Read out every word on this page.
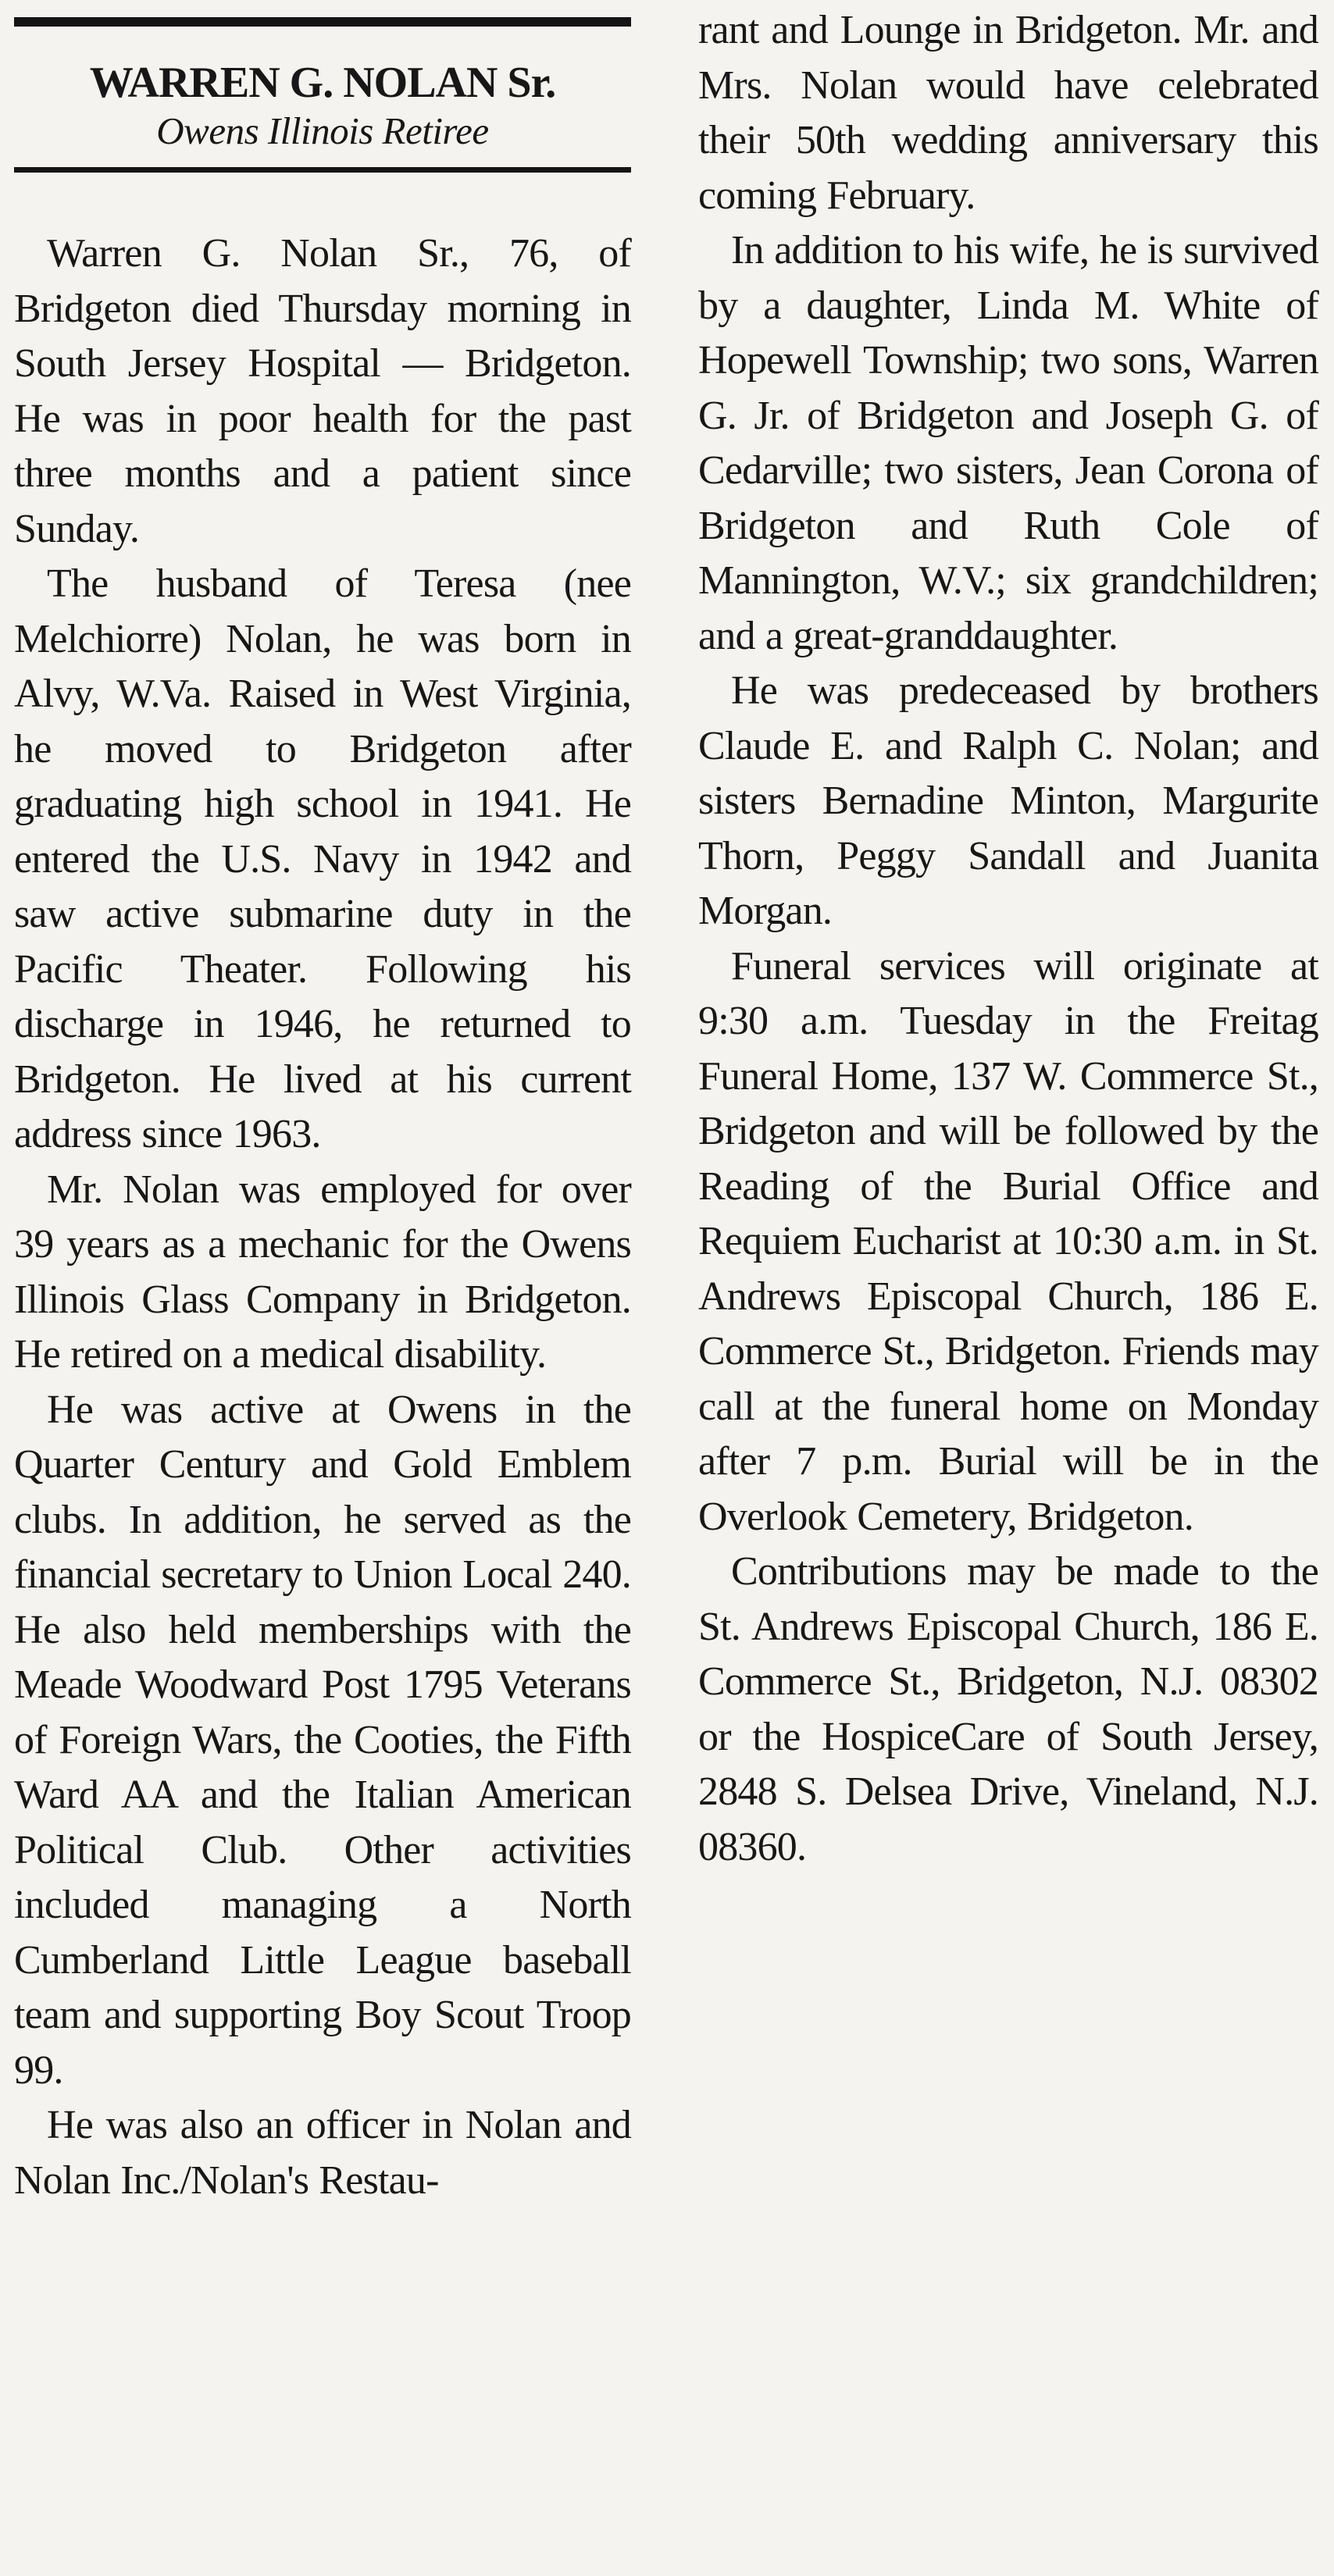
WARREN G. NOLAN Sr.
Owens Illinois Retiree

Warren G. Nolan Sr., 76, of Bridgeton died Thursday morning in South Jersey Hospital — Bridgeton. He was in poor health for the past three months and a patient since Sunday.

The husband of Teresa (nee Melchiorre) Nolan, he was born in Alvy, W.Va. Raised in West Virginia, he moved to Bridgeton after graduating high school in 1941. He entered the U.S. Navy in 1942 and saw active submarine duty in the Pacific Theater. Following his discharge in 1946, he returned to Bridgeton. He lived at his current address since 1963.

Mr. Nolan was employed for over 39 years as a mechanic for the Owens Illinois Glass Company in Bridgeton. He retired on a medical disability.

He was active at Owens in the Quarter Century and Gold Emblem clubs. In addition, he served as the financial secretary to Union Local 240. He also held memberships with the Meade Woodward Post 1795 Veterans of Foreign Wars, the Cooties, the Fifth Ward AA and the Italian American Political Club. Other activities included managing a North Cumberland Little League baseball team and supporting Boy Scout Troop 99.

He was also an officer in Nolan and Nolan Inc./Nolan's Restau-

rant and Lounge in Bridgeton. Mr. and Mrs. Nolan would have celebrated their 50th wedding anniversary this coming February.

In addition to his wife, he is survived by a daughter, Linda M. White of Hopewell Township; two sons, Warren G. Jr. of Bridgeton and Joseph G. of Cedarville; two sisters, Jean Corona of Bridgeton and Ruth Cole of Mannington, W.V.; six grandchildren; and a great-granddaughter.

He was predeceased by brothers Claude E. and Ralph C. Nolan; and sisters Bernadine Minton, Margurite Thorn, Peggy Sandall and Juanita Morgan.

Funeral services will originate at 9:30 a.m. Tuesday in the Freitag Funeral Home, 137 W. Commerce St., Bridgeton and will be followed by the Reading of the Burial Office and Requiem Eucharist at 10:30 a.m. in St. Andrews Episcopal Church, 186 E. Commerce St., Bridgeton. Friends may call at the funeral home on Monday after 7 p.m. Burial will be in the Overlook Cemetery, Bridgeton.

Contributions may be made to the St. Andrews Episcopal Church, 186 E. Commerce St., Bridgeton, N.J. 08302 or the HospiceCare of South Jersey, 2848 S. Delsea Drive, Vineland, N.J. 08360.
